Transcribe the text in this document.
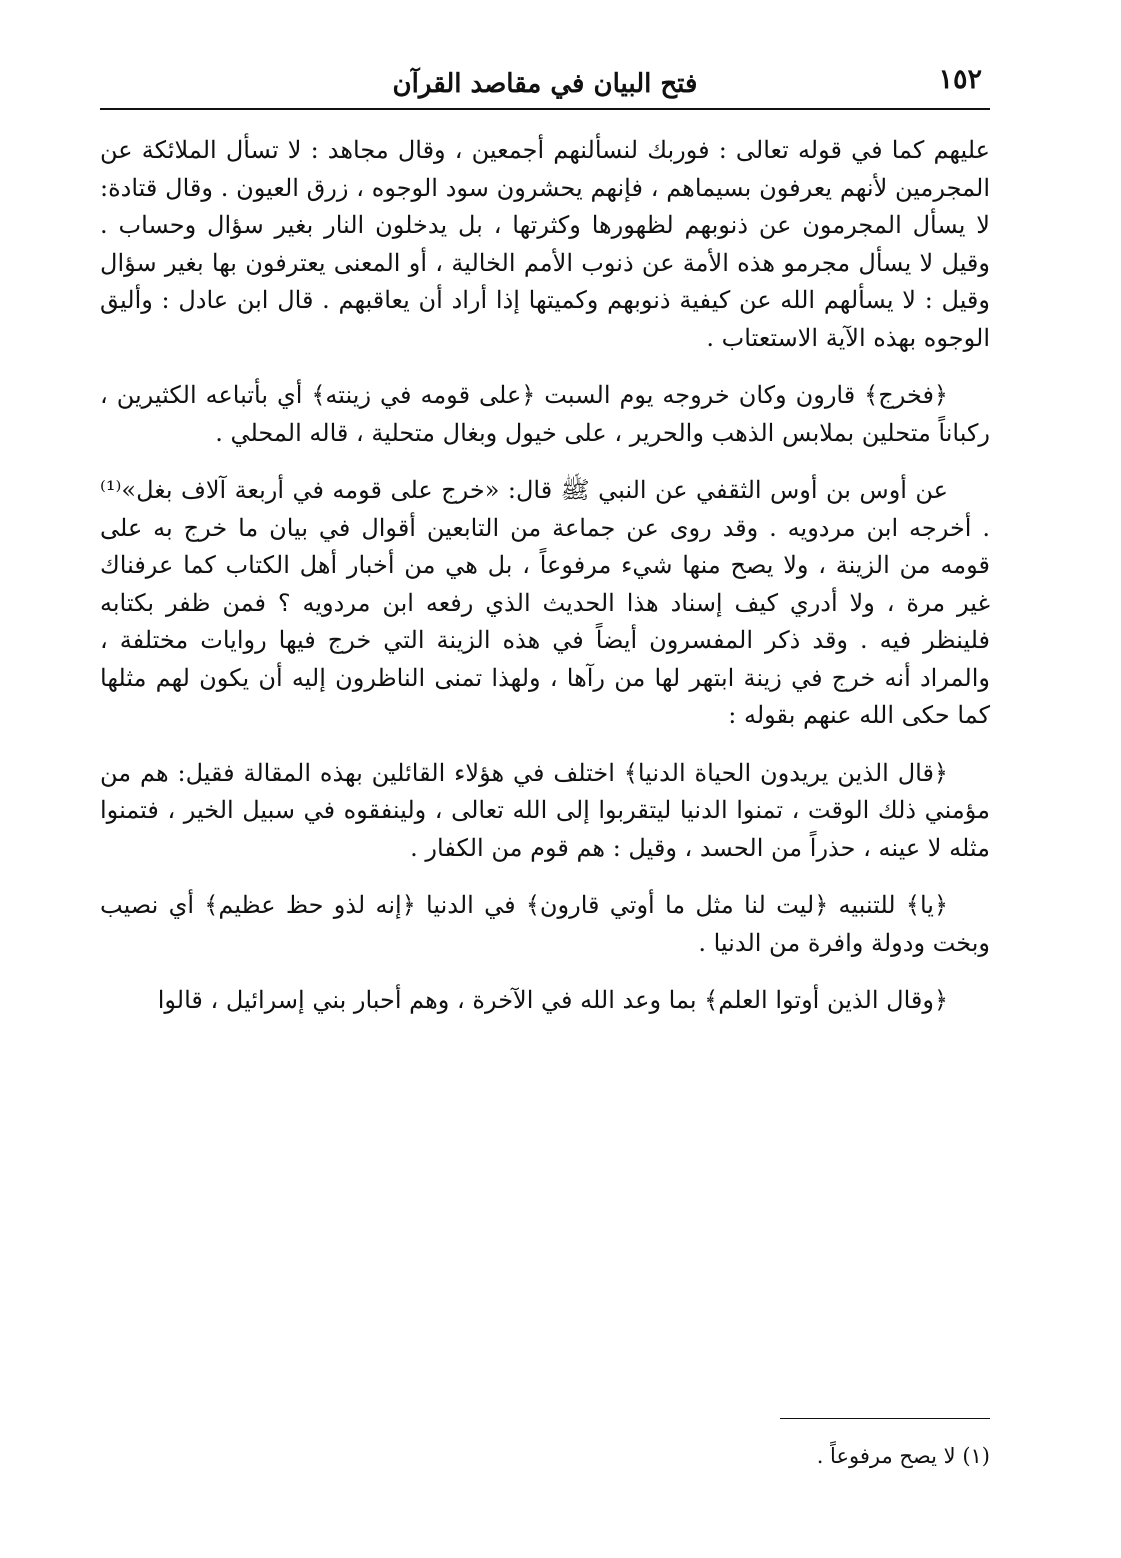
١٥٢
فتح البيان في مقاصد القرآن

عليهم كما في قوله تعالى : فوربك لنسألنهم أجمعين ، وقال مجاهد : لا تسأل الملائكة عن المجرمين لأنهم يعرفون بسيماهم ، فإنهم يحشرون سود الوجوه ، زرق العيون . وقال قتادة: لا يسأل المجرمون عن ذنوبهم لظهورها وكثرتها ، بل يدخلون النار بغير سؤال وحساب . وقيل لا يسأل مجرمو هذه الأمة عن ذنوب الأمم الخالية ، أو المعنى يعترفون بها بغير سؤال وقيل : لا يسألهم الله عن كيفية ذنوبهم وكميتها إذا أراد أن يعاقبهم . قال ابن عادل : وأليق الوجوه بهذه الآية الاستعتاب .

﴿فخرج﴾ قارون وكان خروجه يوم السبت ﴿على قومه في زينته﴾ أي بأتباعه الكثيرين ، ركباناً متحلين بملابس الذهب والحرير ، على خيول وبغال متحلية ، قاله المحلي .

عن أوس بن أوس الثقفي عن النبي ﷺ قال: «خرج على قومه في أربعة آلاف بغل»⁽¹⁾ . أخرجه ابن مردويه . وقد روى عن جماعة من التابعين أقوال في بيان ما خرج به على قومه من الزينة ، ولا يصح منها شيء مرفوعاً ، بل هي من أخبار أهل الكتاب كما عرفناك غير مرة ، ولا أدري كيف إسناد هذا الحديث الذي رفعه ابن مردويه ؟ فمن ظفر بكتابه فلينظر فيه . وقد ذكر المفسرون أيضاً في هذه الزينة التي خرج فيها روايات مختلفة ، والمراد أنه خرج في زينة ابتهر لها من رآها ، ولهذا تمنى الناظرون إليه أن يكون لهم مثلها كما حكى الله عنهم بقوله :

﴿قال الذين يريدون الحياة الدنيا﴾ اختلف في هؤلاء القائلين بهذه المقالة فقيل: هم من مؤمني ذلك الوقت ، تمنوا الدنيا ليتقربوا إلى الله تعالى ، ولينفقوه في سبيل الخير ، فتمنوا مثله لا عينه ، حذراً من الحسد ، وقيل : هم قوم من الكفار .

﴿يا﴾ للتنبيه ﴿ليت لنا مثل ما أوتي قارون﴾ في الدنيا ﴿إنه لذو حظ عظيم﴾ أي نصيب وبخت ودولة وافرة من الدنيا .

﴿وقال الذين أوتوا العلم﴾ بما وعد الله في الآخرة ، وهم أحبار بني إسرائيل ، قالوا

(١) لا يصح مرفوعاً .
